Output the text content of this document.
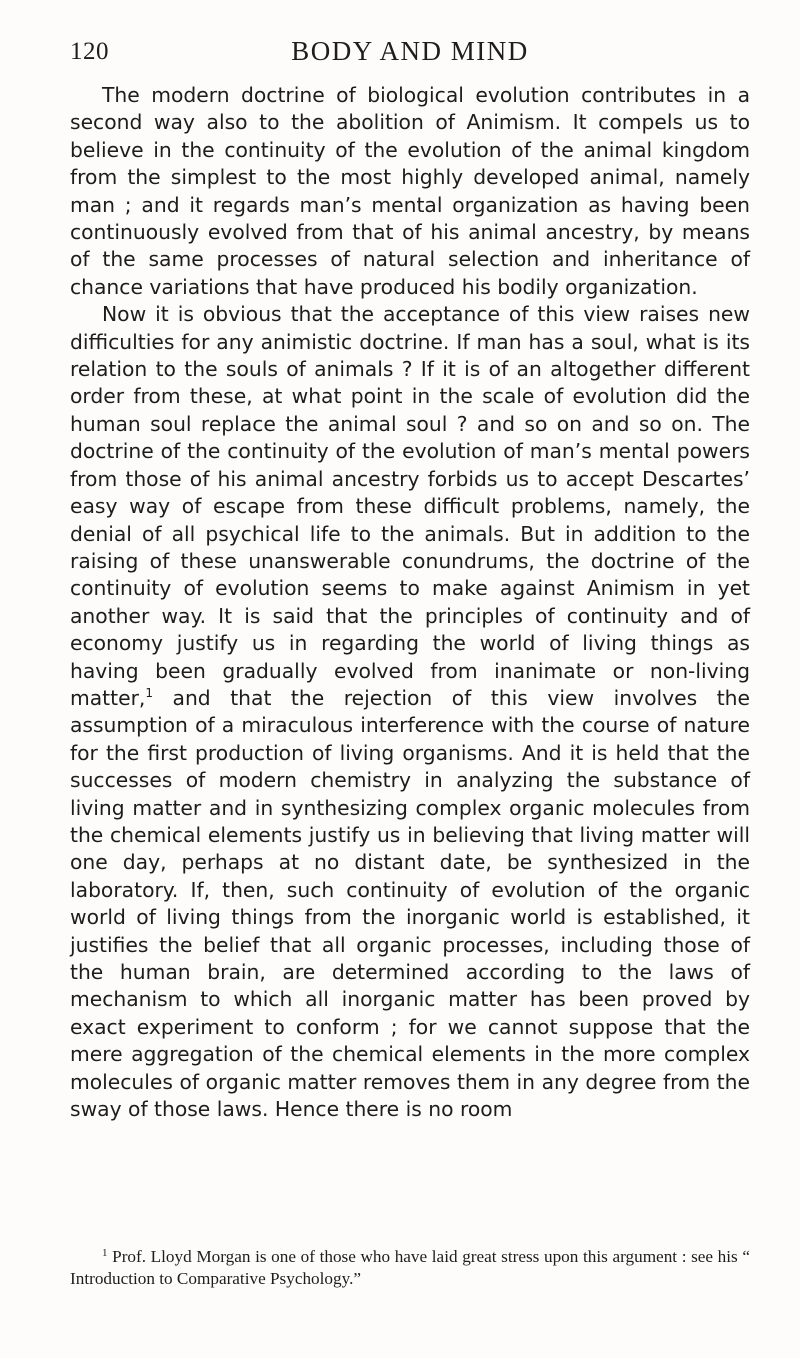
120	BODY AND MIND

The modern doctrine of biological evolution contributes in a second way also to the abolition of Animism. It compels us to believe in the continuity of the evolution of the animal kingdom from the simplest to the most highly developed animal, namely man ; and it regards man’s mental organization as having been continuously evolved from that of his animal ancestry, by means of the same processes of natural selection and inheritance of chance variations that have produced his bodily organization.

Now it is obvious that the acceptance of this view raises new difficulties for any animistic doctrine. If man has a soul, what is its relation to the souls of animals ? If it is of an altogether different order from these, at what point in the scale of evolution did the human soul replace the animal soul ? and so on and so on. The doctrine of the continuity of the evolution of man’s mental powers from those of his animal ancestry forbids us to accept Descartes’ easy way of escape from these difficult problems, namely, the denial of all psychical life to the animals. But in addition to the raising of these unanswerable conundrums, the doctrine of the continuity of evolution seems to make against Animism in yet another way. It is said that the principles of continuity and of economy justify us in regarding the world of living things as having been gradually evolved from inanimate or non-living matter,$^1$ and that the rejection of this view involves the assumption of a miraculous interference with the course of nature for the first production of living organisms. And it is held that the successes of modern chemistry in analyzing the substance of living matter and in synthesizing complex organic molecules from the chemical elements justify us in believing that living matter will one day, perhaps at no distant date, be synthesized in the laboratory. If, then, such continuity of evolution of the organic world of living things from the inorganic world is established, it justifies the belief that all organic processes, including those of the human brain, are determined according to the laws of mechanism to which all inorganic matter has been proved by exact experiment to conform ; for we cannot suppose that the mere aggregation of the chemical elements in the more complex molecules of organic matter removes them in any degree from the sway of those laws. Hence there is no room

$^1$ Prof. Lloyd Morgan is one of those who have laid great stress upon this argument : see his “ Introduction to Comparative Psychology.”
